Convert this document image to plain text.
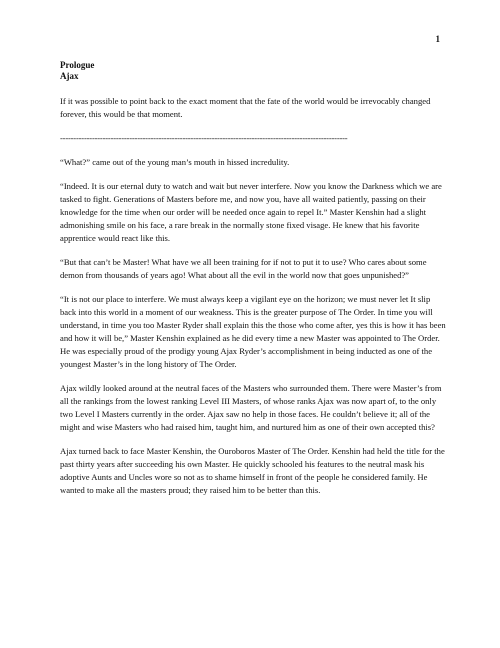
1
Prologue
Ajax

If it was possible to point back to the exact moment that the fate of the world would be irrevocably changed forever, this would be that moment.

------------------------------------------------------------------------------------------------------------

“What?” came out of the young man’s mouth in hissed incredulity.

“Indeed. It is our eternal duty to watch and wait but never interfere. Now you know the Darkness which we are tasked to fight. Generations of Masters before me, and now you, have all waited patiently, passing on their knowledge for the time when our order will be needed once again to repel It.” Master Kenshin had a slight admonishing smile on his face, a rare break in the normally stone fixed visage. He knew that his favorite apprentice would react like this.

“But that can’t be Master! What have we all been training for if not to put it to use? Who cares about some demon from thousands of years ago! What about all the evil in the world now that goes unpunished?”

“It is not our place to interfere. We must always keep a vigilant eye on the horizon; we must never let It slip back into this world in a moment of our weakness. This is the greater purpose of The Order. In time you will understand, in time you too Master Ryder shall explain this the those who come after, yes this is how it has been and how it will be,” Master Kenshin explained as he did every time a new Master was appointed to The Order. He was especially proud of the prodigy young Ajax Ryder’s accomplishment in being inducted as one of the youngest Master’s in the long history of The Order.

Ajax wildly looked around at the neutral faces of the Masters who surrounded them. There were Master’s from all the rankings from the lowest ranking Level III Masters, of whose ranks Ajax was now apart of, to the only two Level I Masters currently in the order. Ajax saw no help in those faces. He couldn’t believe it; all of the might and wise Masters who had raised him, taught him, and nurtured him as one of their own accepted this?

Ajax turned back to face Master Kenshin, the Ouroboros Master of The Order. Kenshin had held the title for the past thirty years after succeeding his own Master. He quickly schooled his features to the neutral mask his adoptive Aunts and Uncles wore so not as to shame himself in front of the people he considered family. He wanted to make all the masters proud; they raised him to be better than this.
